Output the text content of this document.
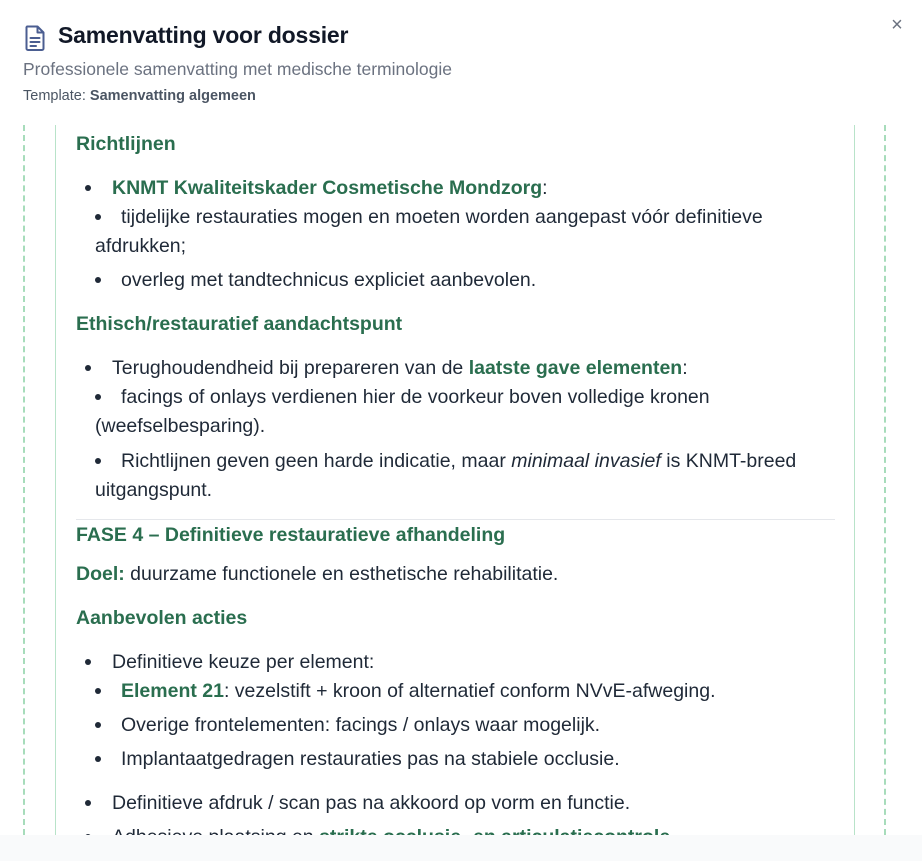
Samenvatting voor dossier
Professionele samenvatting met medische terminologie
Template: Samenvatting algemeen
×
Richtlijnen
KNMT Kwaliteitskader Cosmetische Mondzorg:
tijdelijke restauraties mogen en moeten worden aangepast vóór definitieve
afdrukken;
overleg met tandtechnicus expliciet aanbevolen.
Ethisch/restauratief aandachtspunt
Terughoudendheid bij prepareren van de laatste gave elementen:
facings of onlays verdienen hier de voorkeur boven volledige kronen
(weefselbesparing).
Richtlijnen geven geen harde indicatie, maar minimaal invasief is KNMT-breed
uitgangspunt.
FASE 4 – Definitieve restauratieve afhandeling
Doel: duurzame functionele en esthetische rehabilitatie.
Aanbevolen acties
Definitieve keuze per element:
Element 21: vezelstift + kroon of alternatief conform NVvE-afweging.
Overige frontelementen: facings / onlays waar mogelijk.
Implantaatgedragen restauraties pas na stabiele occlusie.
Definitieve afdruk / scan pas na akkoord op vorm en functie.
